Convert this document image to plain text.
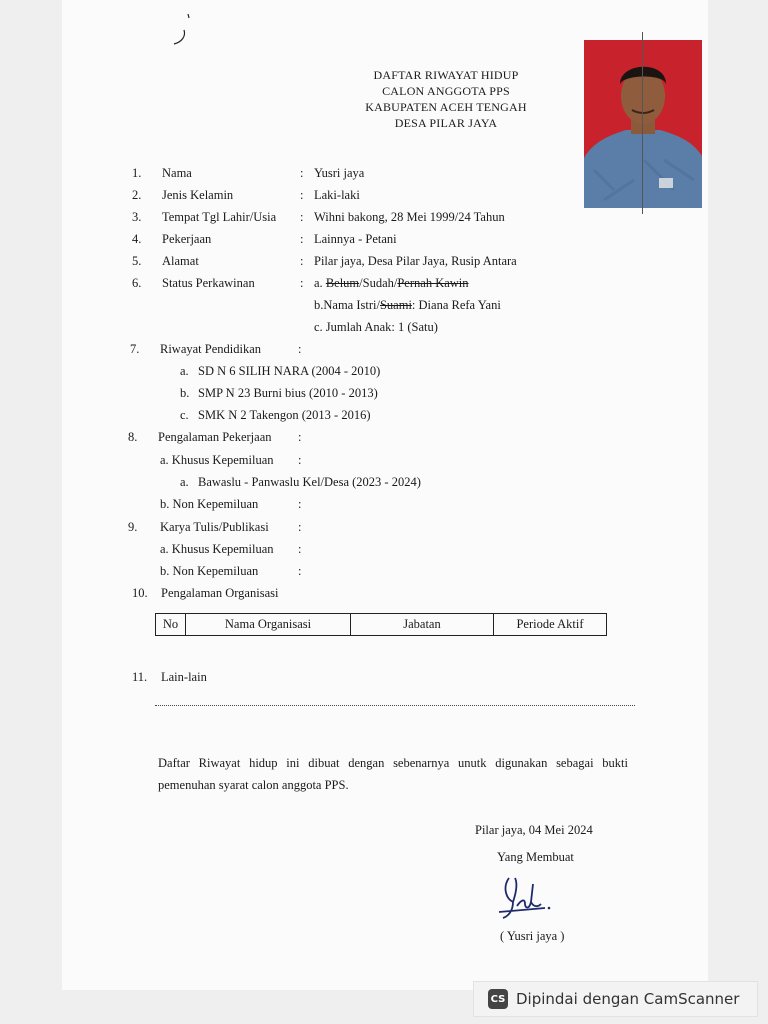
DAFTAR RIWAYAT HIDUP
CALON ANGGOTA PPS
KABUPATEN ACEH TENGAH
DESA PILAR JAYA
1. Nama	: Yusri jaya
2. Jenis Kelamin	: Laki-laki
3. Tempat Tgl Lahir/Usia : Wihni bakong, 28 Mei 1999/24 Tahun
4. Pekerjaan	: Lainnya - Petani
5. Alamat	: Pilar jaya, Desa Pilar Jaya, Rusip Antara
6. Status Perkawinan	: a. Belum/Sudah/Pernah Kawin
b.Nama Istri/Suami: Diana Refa Yani
c. Jumlah Anak: 1 (Satu)
7. Riwayat Pendidikan	:
a. SD N 6 SILIH NARA (2004 - 2010)
b. SMP N 23 Burni bius (2010 - 2013)
c. SMK N 2 Takengon (2013 - 2016)
8. Pengalaman Pekerjaan :
a. Khusus Kepemiluan :
a. Bawaslu - Panwaslu Kel/Desa (2023 - 2024)
b. Non Kepemiluan	:
9. Karya Tulis/Publikasi :
a. Khusus Kepemiluan :
b. Non Kepemiluan	:
10. Pengalaman Organisasi
No	Nama Organisasi	Jabatan	Periode Aktif
11. Lain-lain
Daftar Riwayat hidup ini dibuat dengan sebenarnya unutk digunakan sebagai bukti pemenuhan syarat calon anggota PPS.
Pilar jaya, 04 Mei 2024
Yang Membuat
( Yusri jaya )
CS Dipindai dengan CamScanner
